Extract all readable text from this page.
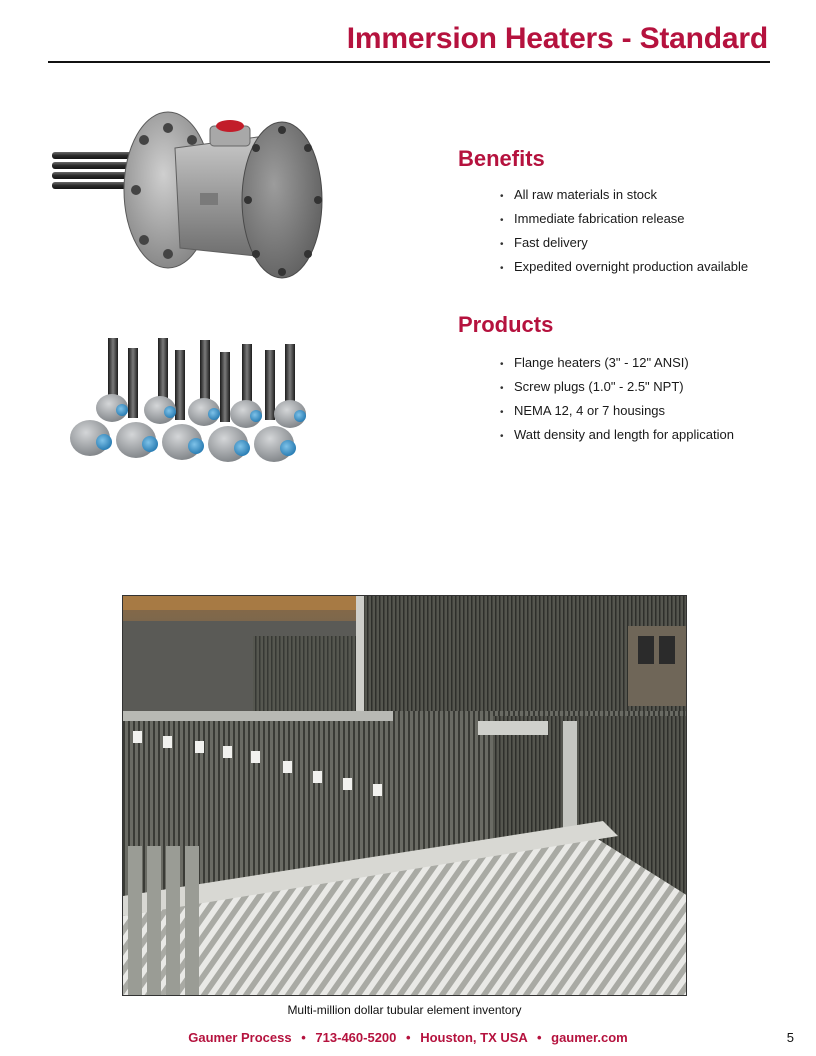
Immersion Heaters - Standard
Benefits
• All raw materials in stock
• Immediate fabrication release
• Fast delivery
• Expedited overnight production available
Products
• Flange heaters (3" - 12" ANSI)
• Screw plugs (1.0" - 2.5" NPT)
• NEMA 12, 4 or 7 housings
• Watt density and length for application
Multi-million dollar tubular element inventory
Gaumer Process • 713-460-5200 • Houston, TX USA • gaumer.com	5
